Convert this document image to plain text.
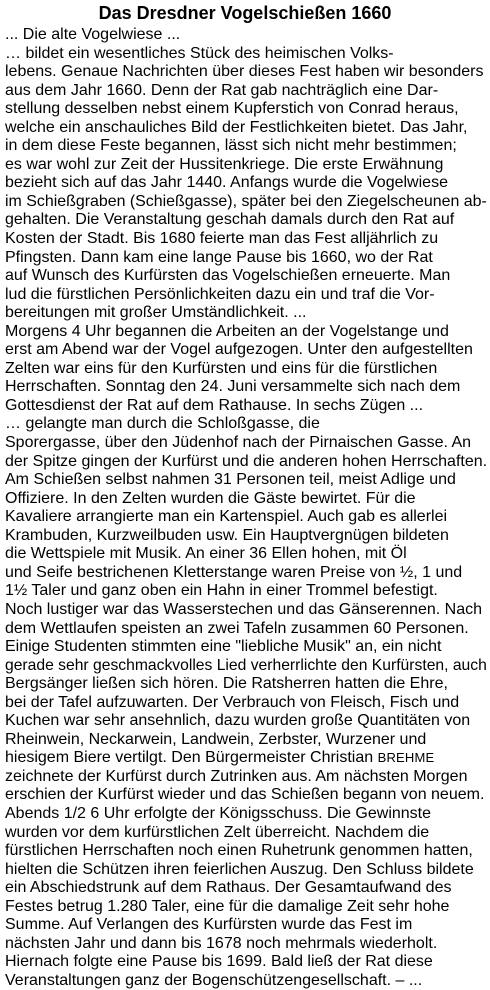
Das Dresdner Vogelschießen 1660
... Die alte Vogelwiese ...
… bildet ein wesentliches Stück des heimischen Volks-
lebens. Genaue Nachrichten über dieses Fest haben wir besonders
aus dem Jahr 1660. Denn der Rat gab nachträglich eine Dar-
stellung desselben nebst einem Kupferstich von Conrad heraus,
welche ein anschauliches Bild der Festlichkeiten bietet. Das Jahr,
in dem diese Feste begannen, lässt sich nicht mehr bestimmen;
es war wohl zur Zeit der Hussitenkriege. Die erste Erwähnung
bezieht sich auf das Jahr 1440. Anfangs wurde die Vogelwiese
im Schießgraben (Schießgasse), später bei den Ziegelscheunen ab-
gehalten. Die Veranstaltung geschah damals durch den Rat auf
Kosten der Stadt. Bis 1680 feierte man das Fest alljährlich zu
Pfingsten. Dann kam eine lange Pause bis 1660, wo der Rat
auf Wunsch des Kurfürsten das Vogelschießen erneuerte. Man
lud die fürstlichen Persönlichkeiten dazu ein und traf die Vor-
bereitungen mit großer Umständlichkeit. ...
Morgens 4 Uhr begannen die Arbeiten an der Vogelstange und
erst am Abend war der Vogel aufgezogen. Unter den aufgestellten
Zelten war eins für den Kurfürsten und eins für die fürstlichen
Herrschaften. Sonntag den 24. Juni versammelte sich nach dem
Gottesdienst der Rat auf dem Rathause. In sechs Zügen ...
… gelangte man durch die Schloßgasse, die
Sporergasse, über den Jüdenhof nach der Pirnaischen Gasse. An
der Spitze gingen der Kurfürst und die anderen hohen Herrschaften.
Am Schießen selbst nahmen 31 Personen teil, meist Adlige und
Offiziere. In den Zelten wurden die Gäste bewirtet. Für die
Kavaliere arrangierte man ein Kartenspiel. Auch gab es allerlei
Krambuden, Kurzweilbuden usw. Ein Hauptvergnügen bildeten
die Wettspiele mit Musik. An einer 36 Ellen hohen, mit Öl
und Seife bestrichenen Kletterstange waren Preise von ½, 1 und
1½ Taler und ganz oben ein Hahn in einer Trommel befestigt.
Noch lustiger war das Wasserstechen und das Gänserennen. Nach
dem Wettlaufen speisten an zwei Tafeln zusammen 60 Personen.
Einige Studenten stimmten eine "liebliche Musik" an, ein nicht
gerade sehr geschmackvolles Lied verherrlichte den Kurfürsten, auch
Bergsänger ließen sich hören. Die Ratsherren hatten die Ehre,
bei der Tafel aufzuwarten. Der Verbrauch von Fleisch, Fisch und
Kuchen war sehr ansehnlich, dazu wurden große Quantitäten von
Rheinwein, Neckarwein, Landwein, Zerbster, Wurzener und
hiesigem Biere vertilgt. Den Bürgermeister Christian BREHME
zeichnete der Kurfürst durch Zutrinken aus. Am nächsten Morgen
erschien der Kurfürst wieder und das Schießen begann von neuem.
Abends 1/2 6 Uhr erfolgte der Königsschuss. Die Gewinnste
wurden vor dem kurfürstlichen Zelt überreicht. Nachdem die
fürstlichen Herrschaften noch einen Ruhetrunk genommen hatten,
hielten die Schützen ihren feierlichen Auszug. Den Schluss bildete
ein Abschiedstrunk auf dem Rathaus. Der Gesamtaufwand des
Festes betrug 1.280 Taler, eine für die damalige Zeit sehr hohe
Summe. Auf Verlangen des Kurfürsten wurde das Fest im
nächsten Jahr und dann bis 1678 noch mehrmals wiederholt.
Hiernach folgte eine Pause bis 1699. Bald ließ der Rat diese
Veranstaltungen ganz der Bogenschützengesellschaft. – ...
